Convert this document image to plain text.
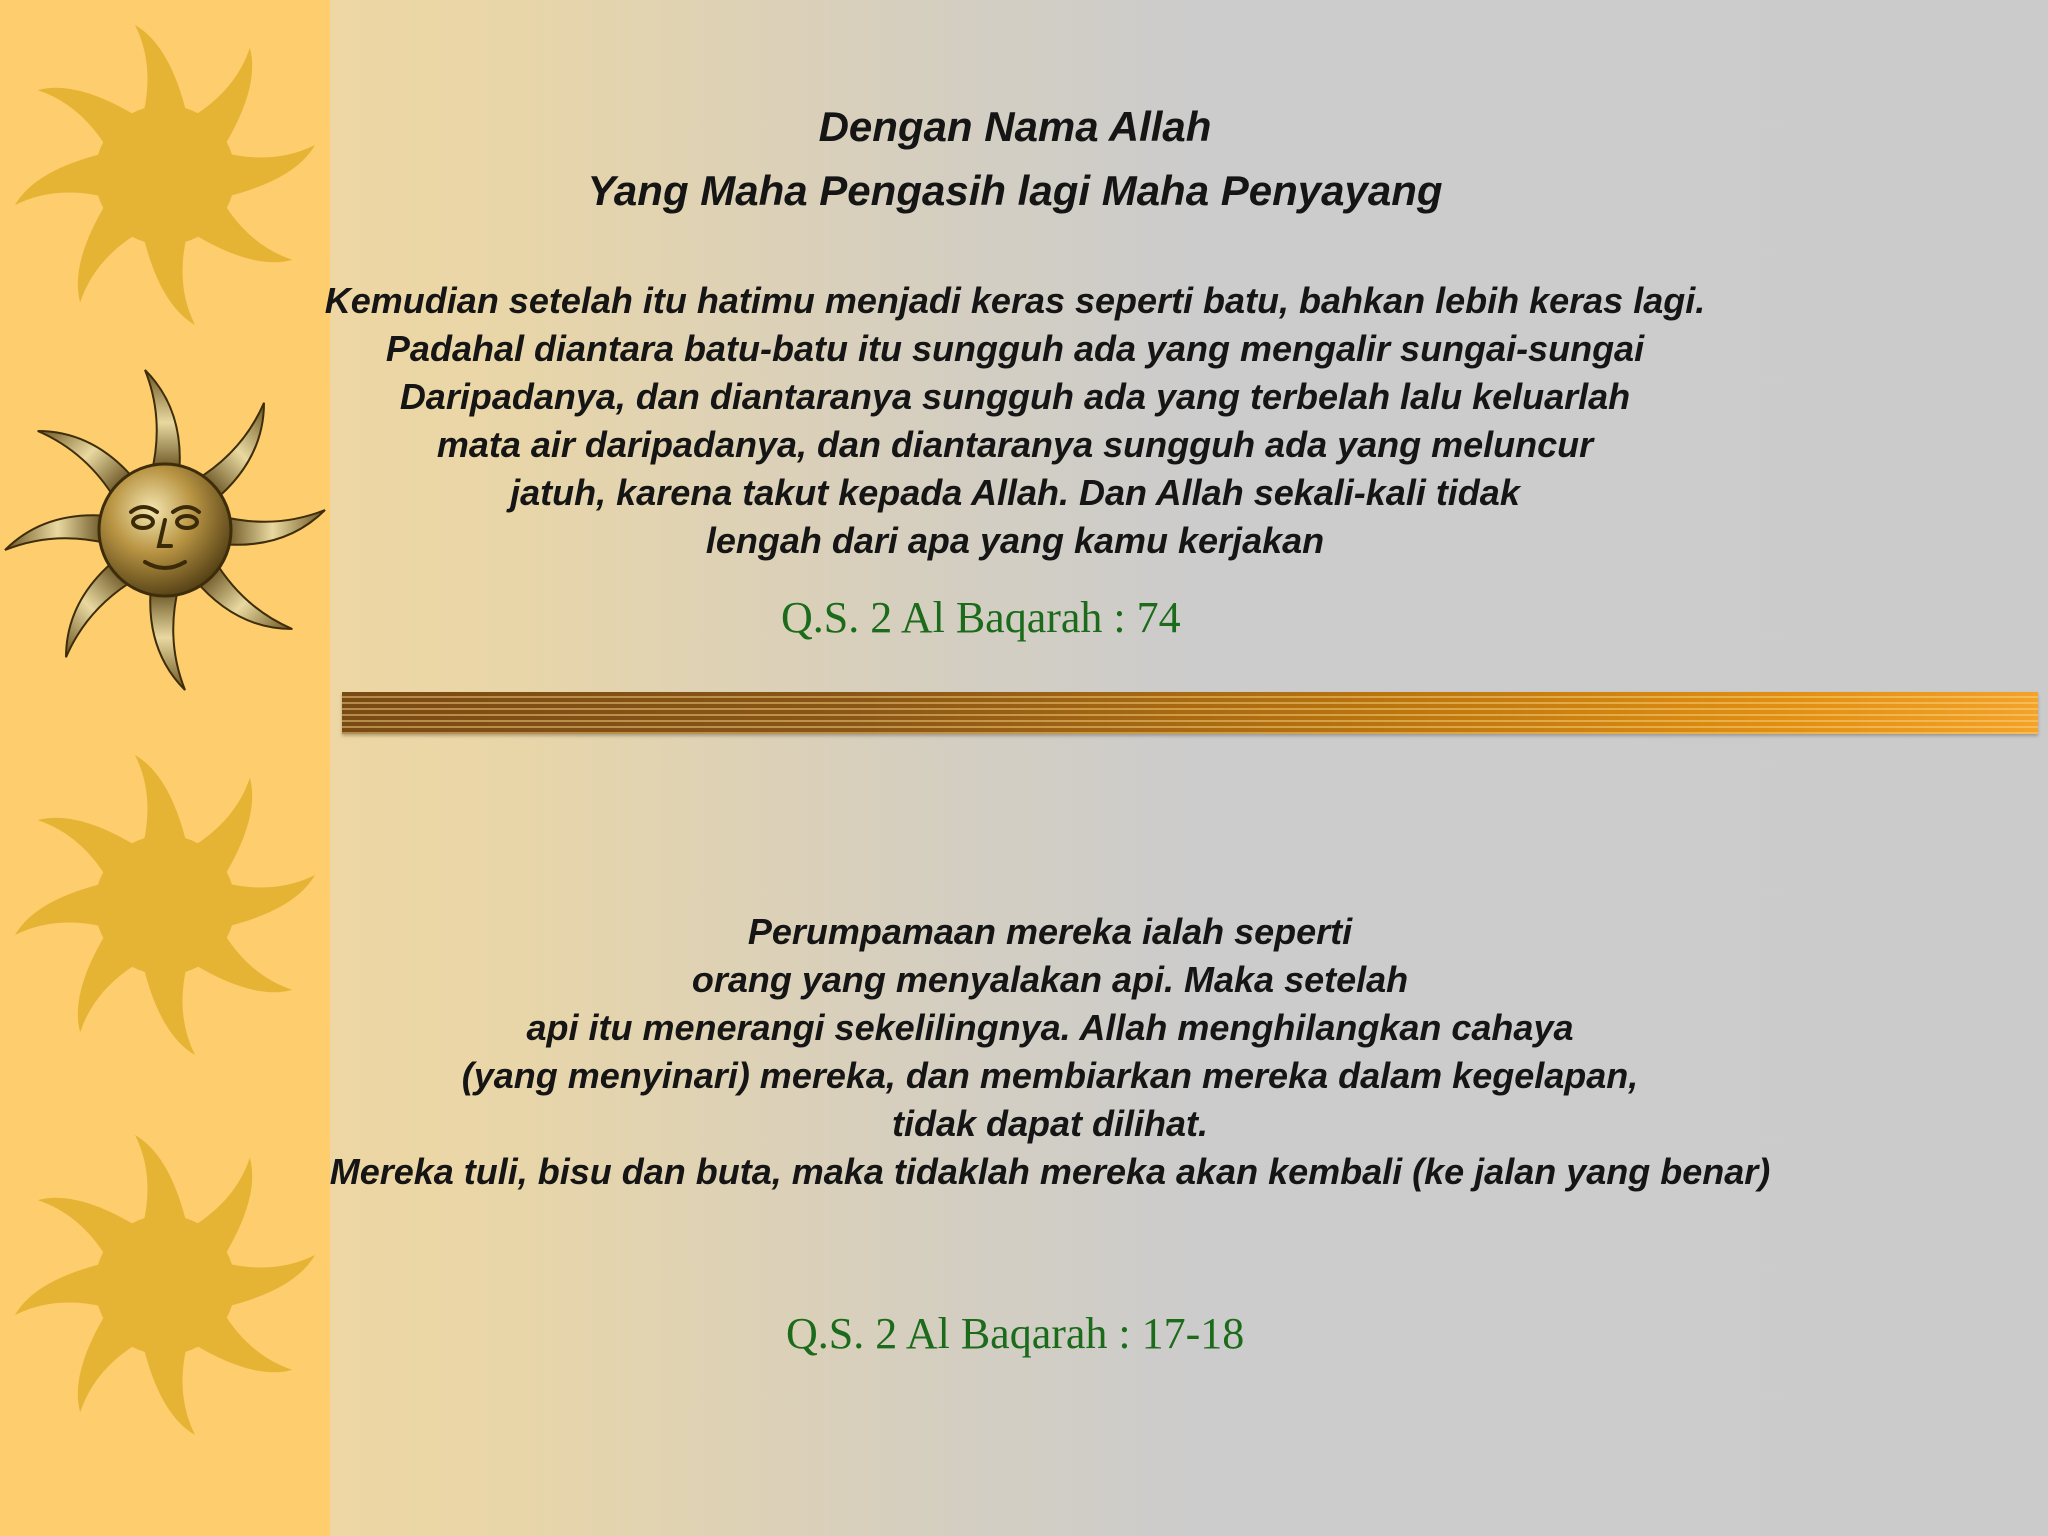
Dengan Nama Allah
Yang Maha Pengasih lagi Maha Penyayang
Kemudian setelah itu hatimu menjadi keras seperti batu, bahkan lebih keras lagi.
Padahal diantara batu-batu itu sungguh ada yang mengalir sungai-sungai
Daripadanya, dan diantaranya sungguh ada yang terbelah lalu keluarlah
mata air daripadanya, dan diantaranya sungguh ada yang meluncur
jatuh, karena takut kepada Allah. Dan Allah sekali-kali tidak
lengah dari apa yang kamu kerjakan
Q.S. 2 Al Baqarah : 74
Perumpamaan mereka ialah seperti
orang yang menyalakan api. Maka setelah
api itu menerangi sekelilingnya. Allah menghilangkan cahaya
(yang menyinari) mereka, dan membiarkan mereka dalam kegelapan,
tidak dapat dilihat.
Mereka tuli, bisu dan buta, maka tidaklah mereka akan kembali (ke jalan yang benar)
Q.S. 2 Al Baqarah : 17-18
